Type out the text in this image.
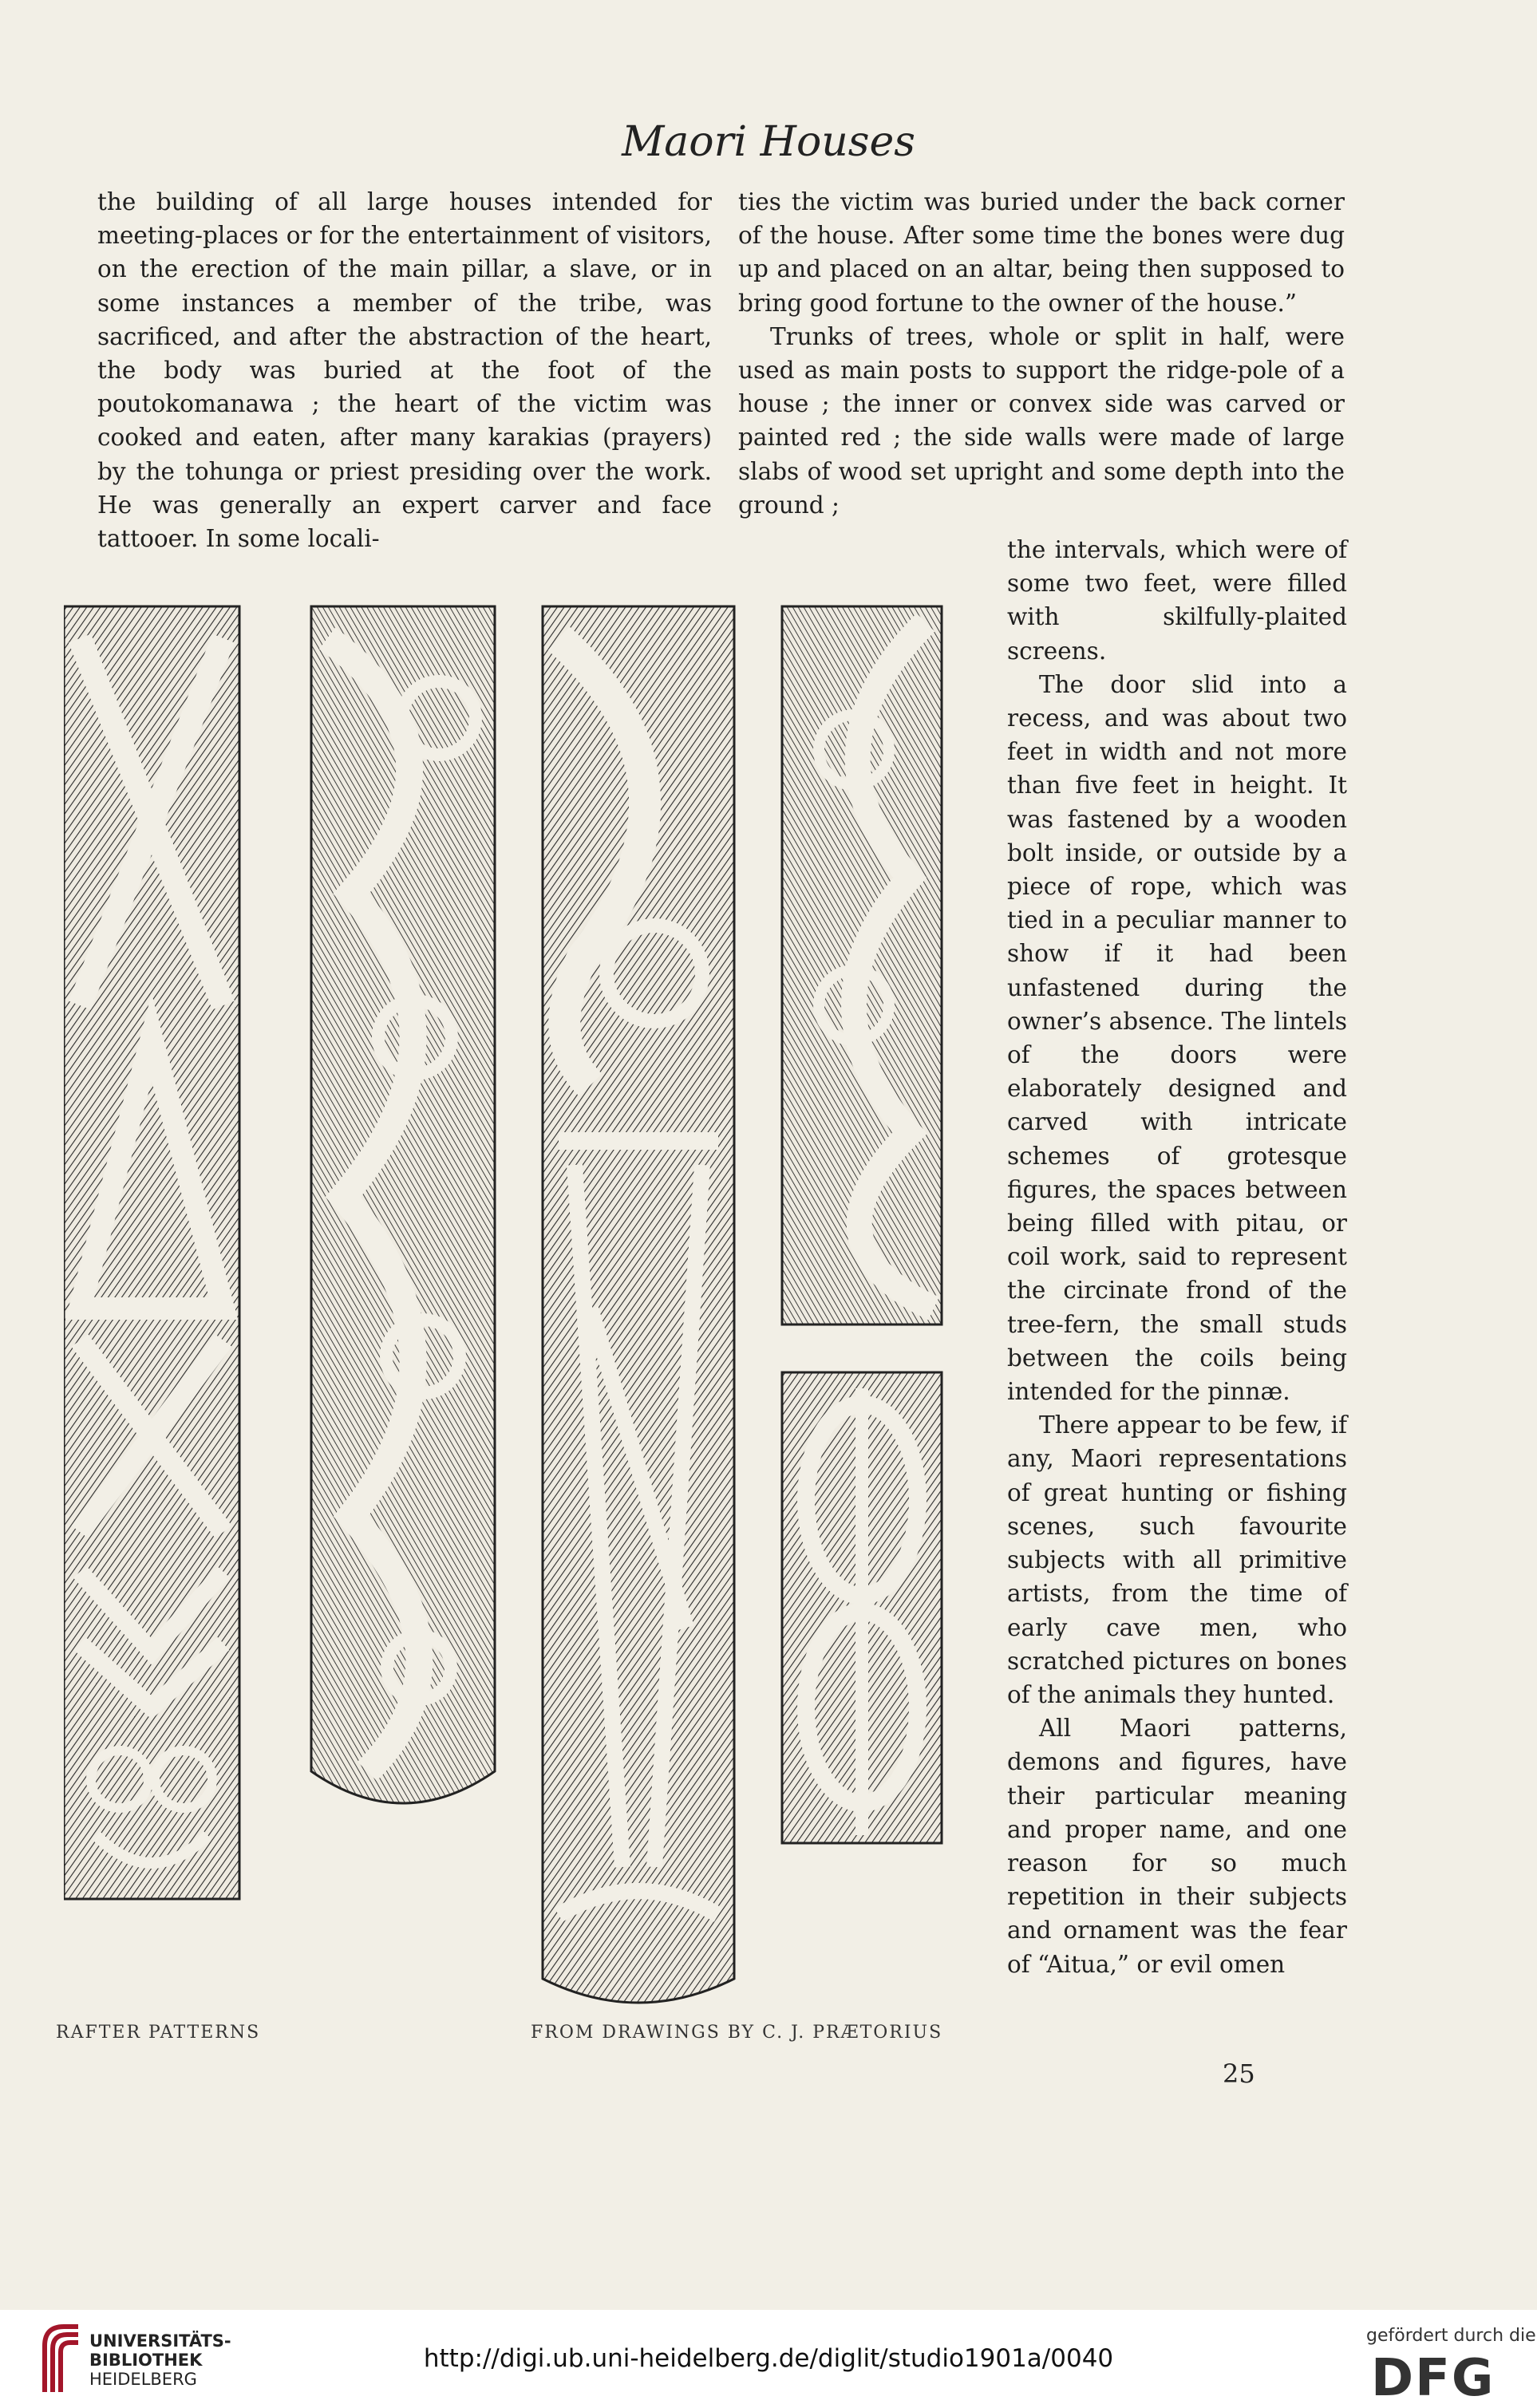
Maori Houses

the building of all large houses intended for meeting-places or for the entertainment of visitors, on the erection of the main pillar, a slave, or in some instances a member of the tribe, was sacrificed, and after the abstraction of the heart, the body was buried at the foot of the poutokomanawa ; the heart of the victim was cooked and eaten, after many karakias (prayers) by the tohunga or priest presiding over the work. He was generally an expert carver and face tattooer. In some locali-

ties the victim was buried under the back corner of the house. After some time the bones were dug up and placed on an altar, being then supposed to bring good fortune to the owner of the house.”

Trunks of trees, whole or split in half, were used as main posts to support the ridge-pole of a house ; the inner or convex side was carved or painted red ; the side walls were made of large slabs of wood set upright and some depth into the ground ;

the intervals, which were of some two feet, were filled with skilfully-plaited screens.

The door slid into a recess, and was about two feet in width and not more than five feet in height. It was fastened by a wooden bolt inside, or outside by a piece of rope, which was tied in a peculiar manner to show if it had been unfastened during the owner’s absence. The lintels of the doors were elaborately designed and carved with intricate schemes of grotesque figures, the spaces between being filled with pitau, or coil work, said to represent the circinate frond of the tree-fern, the small studs between the coils being intended for the pinnæ.

There appear to be few, if any, Maori representations of great hunting or fishing scenes, such favourite subjects with all primitive artists, from the time of early cave men, who scratched pictures on bones of the animals they hunted.

All Maori patterns, demons and figures, have their particular meaning and proper name, and one reason for so much repetition in their subjects and ornament was the fear of “Aitua,” or evil omen

RAFTER PATTERNS	FROM DRAWINGS BY C. J. PRÆTORIUS
25
UNIVERSITÄTS-
BIBLIOTHEK
HEIDELBERG
http://digi.ub.uni-heidelberg.de/diglit/studio1901a/0040
gefördert durch die
DFG
